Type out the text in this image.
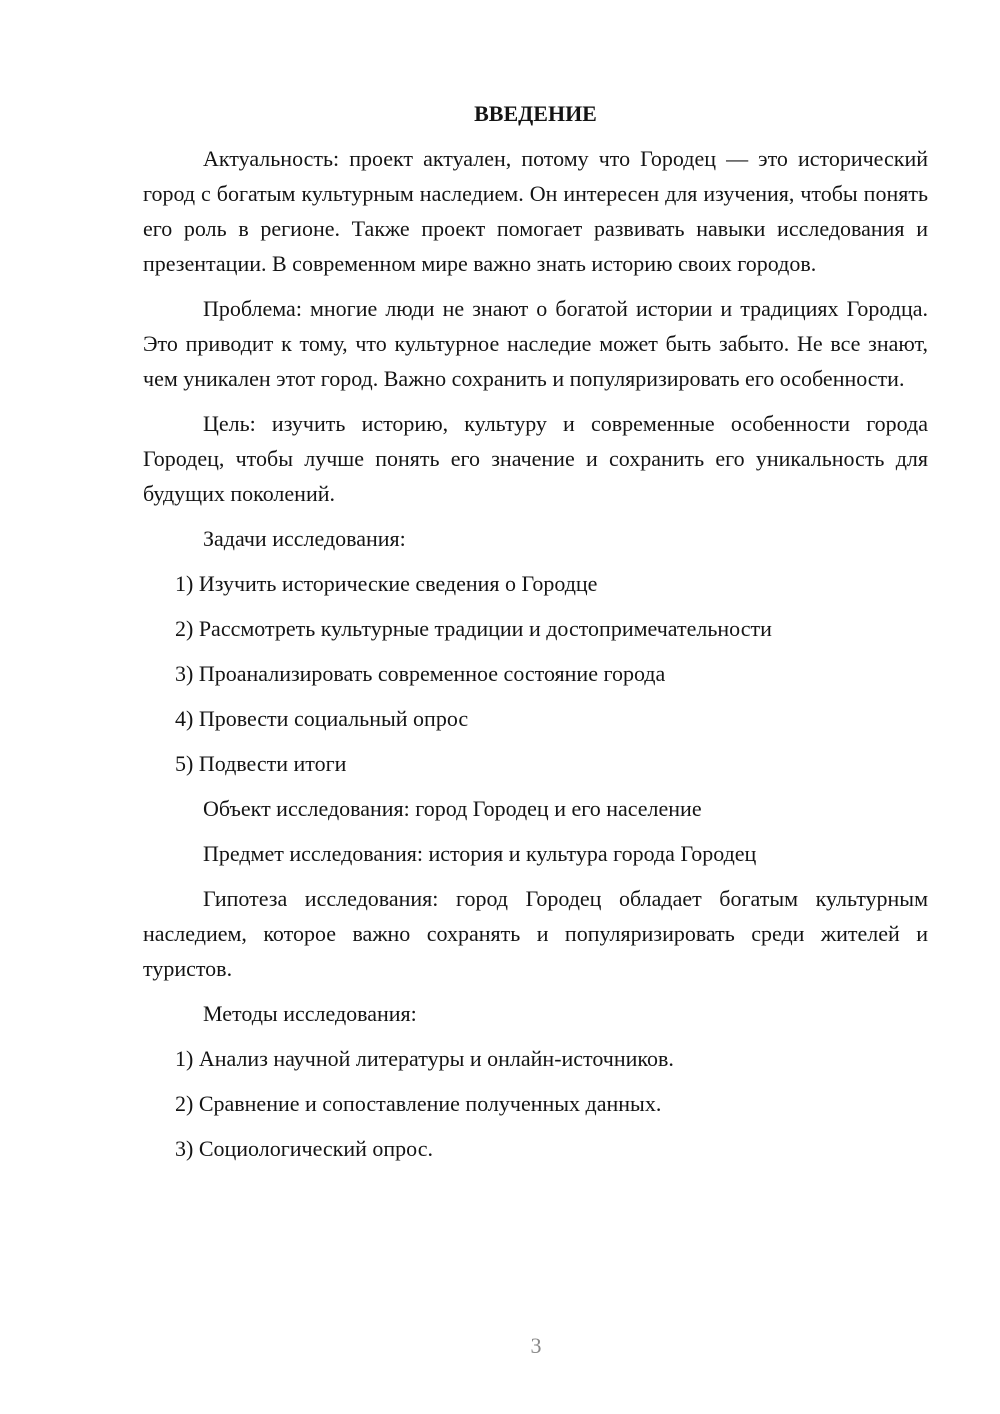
ВВЕДЕНИЕ

Актуальность: проект актуален, потому что Городец — это исторический город с богатым культурным наследием. Он интересен для изучения, чтобы понять его роль в регионе. Также проект помогает развивать навыки исследования и презентации. В современном мире важно знать историю своих городов.

Проблема: многие люди не знают о богатой истории и традициях Городца. Это приводит к тому, что культурное наследие может быть забыто. Не все знают, чем уникален этот город. Важно сохранить и популяризировать его особенности.

Цель: изучить историю, культуру и современные особенности города Городец, чтобы лучше понять его значение и сохранить его уникальность для будущих поколений.

Задачи исследования:
1) Изучить исторические сведения о Городце
2) Рассмотреть культурные традиции и достопримечательности
3) Проанализировать современное состояние города
4) Провести социальный опрос
5) Подвести итоги
Объект исследования: город Городец и его население
Предмет исследования: история и культура города Городец

Гипотеза исследования: город Городец обладает богатым культурным наследием, которое важно сохранять и популяризировать среди жителей и туристов.

Методы исследования:
1) Анализ научной литературы и онлайн-источников.
2) Сравнение и сопоставление полученных данных.
3) Социологический опрос.
3
